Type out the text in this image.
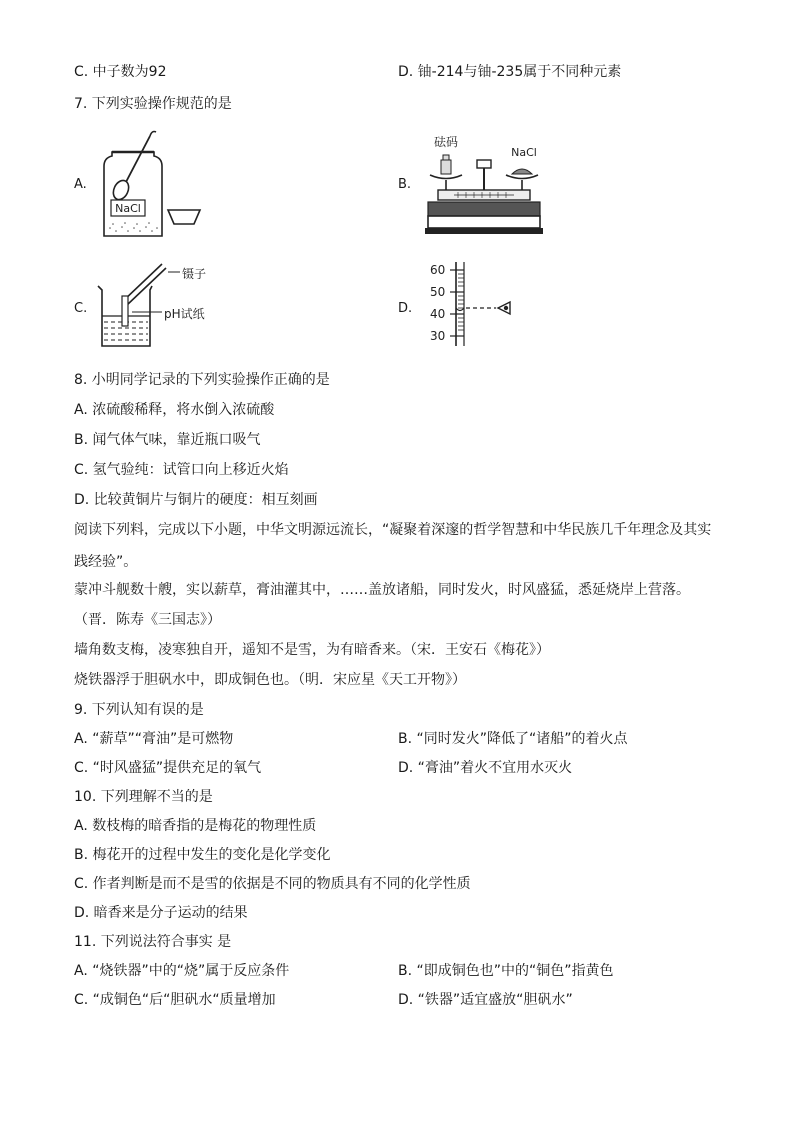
C. 中子数为92	D. 铀-214与铀-235属于不同种元素
7. 下列实验操作规范的是
A.
NaCl
B.
砝码
NaCl
C.
镊子
pH试纸	D.
60
50
40
30
8. 小明同学记录的下列实验操作正确的是
A. 浓硫酸稀释，将水倒入浓硫酸
B. 闻气体气味，靠近瓶口吸气
C. 氢气验纯：试管口向上移近火焰
D. 比较黄铜片与铜片的硬度：相互刻画
阅读下列料，完成以下小题，中华文明源远流长，“凝聚着深邃的哲学智慧和中华民族几千年理念及其实
践经验”。
蒙冲斗舰数十艘，实以薪草，膏油灌其中，……盖放诸船，同时发火，时风盛猛，悉延烧岸上营落。
（晋．陈寿《三国志》）
墙角数支梅，凌寒独自开，遥知不是雪，为有暗香来。（宋．王安石《梅花》）
烧铁器浮于胆矾水中，即成铜色也。（明．宋应星《天工开物》）
9. 下列认知有误的是
A. “薪草”“膏油”是可燃物	B. “同时发火”降低了“诸船”的着火点
C. “时风盛猛”提供充足的氧气	D. “膏油”着火不宜用水灭火
10. 下列理解不当的是
A. 数枝梅的暗香指的是梅花的物理性质
B. 梅花开的过程中发生的变化是化学变化
C. 作者判断是而不是雪的依据是不同的物质具有不同的化学性质
D. 暗香来是分子运动的结果
11. 下列说法符合事实 是
A. “烧铁器”中的“烧”属于反应条件	B. “即成铜色也”中的“铜色”指黄色
C. “成铜色“后“胆矾水“质量增加	D. “铁器”适宜盛放“胆矾水”
